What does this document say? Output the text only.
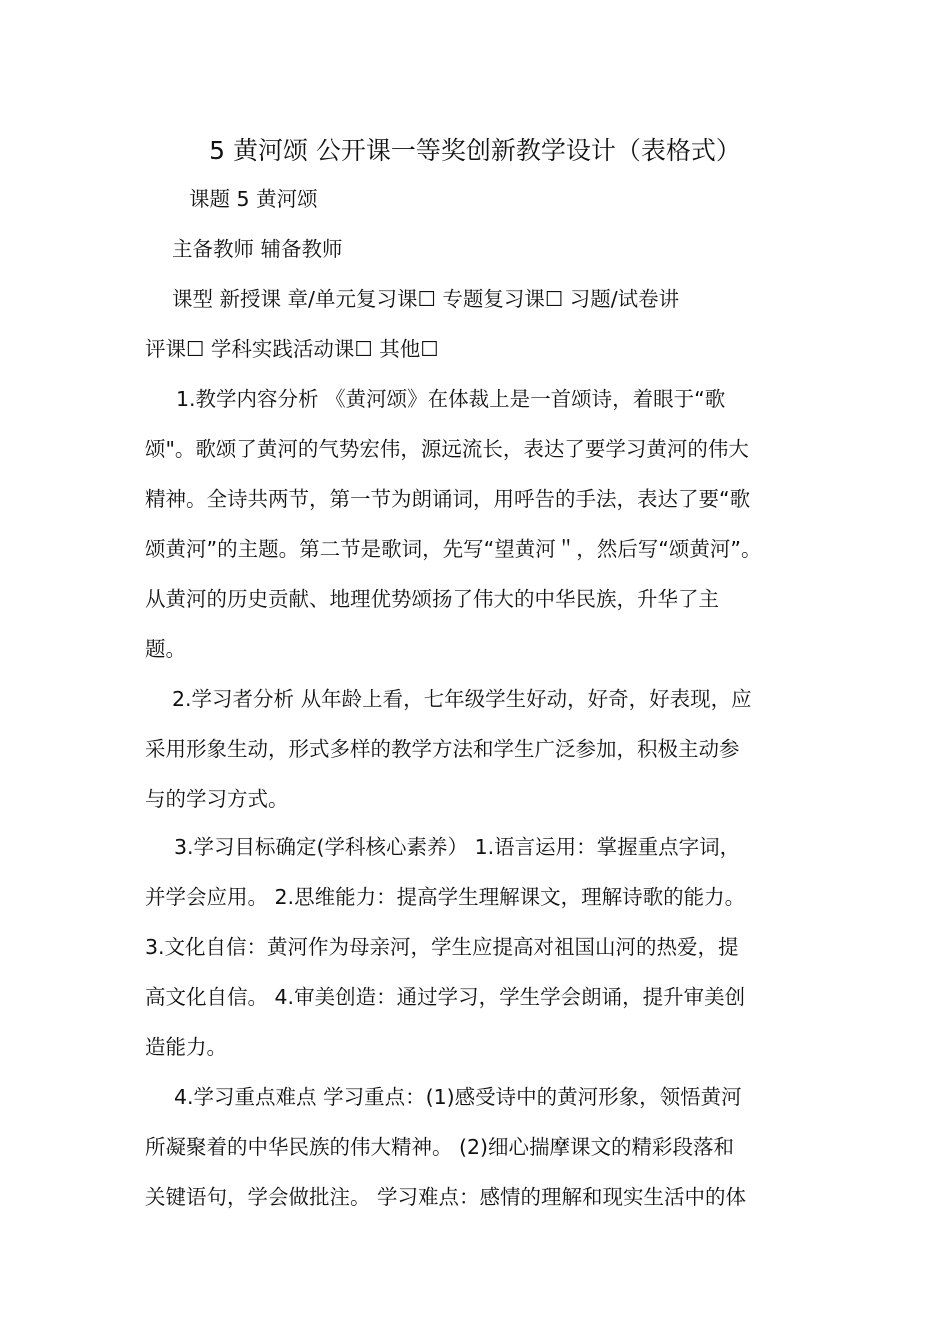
5 黄河颂 公开课一等奖创新教学设计（表格式）
课题 5 黄河颂
主备教师 辅备教师
课型 新授课 章/单元复习课☐ 专题复习课☐ 习题/试卷讲
评课☐ 学科实践活动课☐ 其他☐
1.教学内容分析 《黄河颂》在体裁上是一首颂诗，着眼于“歌
颂"。歌颂了黄河的气势宏伟，源远流长，表达了要学习黄河的伟大
精神。全诗共两节，第一节为朗诵词，用呼告的手法，表达了要“歌
颂黄河”的主题。第二节是歌词，先写“望黄河＂，然后写“颂黄河”。
从黄河的历史贡献、地理优势颂扬了伟大的中华民族，升华了主
题。
2.学习者分析 从年龄上看，七年级学生好动，好奇，好表现，应
采用形象生动，形式多样的教学方法和学生广泛参加，积极主动参
与的学习方式。
3.学习目标确定(学科核心素养） 1.语言运用：掌握重点字词，
并学会应用。 2.思维能力：提高学生理解课文，理解诗歌的能力。
3.文化自信：黄河作为母亲河，学生应提高对祖国山河的热爱，提
高文化自信。 4.审美创造：通过学习，学生学会朗诵，提升审美创
造能力。
4.学习重点难点 学习重点：(1)感受诗中的黄河形象，领悟黄河
所凝聚着的中华民族的伟大精神。 (2)细心揣摩课文的精彩段落和
关键语句，学会做批注。 学习难点：感情的理解和现实生活中的体
